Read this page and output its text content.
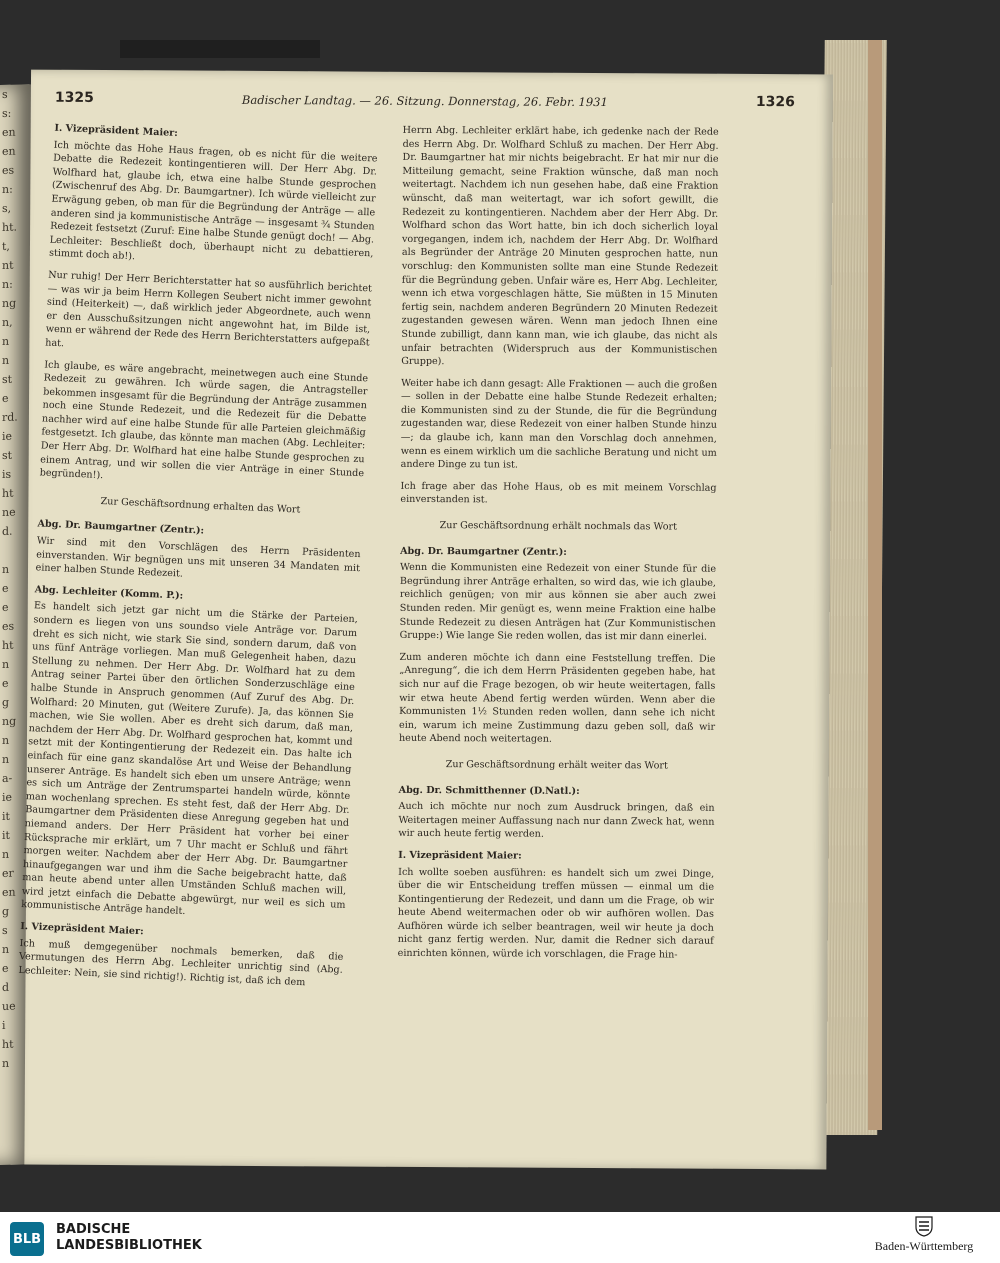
s
s:
en
en
es
n:
s,
ht.
t,
nt
n:
ng
n,
n
n
st
e
rd.
ie
st
is
ht
ne
d.
n
e
e
es
ht
n
e
g
ng
n
n
a-
ie
it
it
n
er
en
g
s
n
e
d
ue
i
ht
n
1325	Badischer Landtag. — 26. Sitzung. Donnerstag, 26. Febr. 1931	1326

I. Vizepräsident Maier:

Ich möchte das Hohe Haus fragen, ob es nicht für die weitere Debatte die Redezeit kontingentieren will. Der Herr Abg. Dr. Wolfhard hat, glaube ich, etwa eine halbe Stunde gesprochen (Zwischenruf des Abg. Dr. Baumgartner). Ich würde vielleicht zur Erwägung geben, ob man für die Begründung der Anträge — alle anderen sind ja kommunistische Anträge — insgesamt ¾ Stunden Redezeit festsetzt (Zuruf: Eine halbe Stunde genügt doch! — Abg. Lechleiter: Beschließt doch, überhaupt nicht zu debattieren, stimmt doch ab!).

Nur ruhig! Der Herr Berichterstatter hat so ausführlich berichtet — was wir ja beim Herrn Kollegen Seubert nicht immer gewohnt sind (Heiterkeit) —, daß wirklich jeder Abgeordnete, auch wenn er den Ausschußsitzungen nicht angewohnt hat, im Bilde ist, wenn er während der Rede des Herrn Berichterstatters aufgepaßt hat.

Ich glaube, es wäre angebracht, meinetwegen auch eine Stunde Redezeit zu gewähren. Ich würde sagen, die Antragsteller bekommen insgesamt für die Begründung der Anträge zusammen noch eine Stunde Redezeit, und die Redezeit für die Debatte nachher wird auf eine halbe Stunde für alle Parteien gleichmäßig festgesetzt. Ich glaube, das könnte man machen (Abg. Lechleiter: Der Herr Abg. Dr. Wolfhard hat eine halbe Stunde gesprochen zu einem Antrag, und wir sollen die vier Anträge in einer Stunde begründen!).

Zur Geschäftsordnung erhalten das Wort

Abg. Dr. Baumgartner (Zentr.):

Wir sind mit den Vorschlägen des Herrn Präsidenten einverstanden. Wir begnügen uns mit unseren 34 Mandaten mit einer halben Stunde Redezeit.

Abg. Lechleiter (Komm. P.):

Es handelt sich jetzt gar nicht um die Stärke der Parteien, sondern es liegen von uns soundso viele Anträge vor. Darum dreht es sich nicht, wie stark Sie sind, sondern darum, daß von uns fünf Anträge vorliegen. Man muß Gelegenheit haben, dazu Stellung zu nehmen. Der Herr Abg. Dr. Wolfhard hat zu dem Antrag seiner Partei über den örtlichen Sonderzuschläge eine halbe Stunde in Anspruch genommen (Auf Zuruf des Abg. Dr. Wolfhard: 20 Minuten, gut (Weitere Zurufe). Ja, das können Sie machen, wie Sie wollen. Aber es dreht sich darum, daß man, nachdem der Herr Abg. Dr. Wolfhard gesprochen hat, kommt und setzt mit der Kontingentierung der Redezeit ein. Das halte ich einfach für eine ganz skandalöse Art und Weise der Behandlung unserer Anträge. Es handelt sich eben um unsere Anträge; wenn es sich um Anträge der Zentrumspartei handeln würde, könnte man wochenlang sprechen. Es steht fest, daß der Herr Abg. Dr. Baumgartner dem Präsidenten diese Anregung gegeben hat und niemand anders. Der Herr Präsident hat vorher bei einer Rücksprache mir erklärt, um 7 Uhr macht er Schluß und fährt morgen weiter. Nachdem aber der Herr Abg. Dr. Baumgartner hinaufgegangen war und ihm die Sache beigebracht hatte, daß man heute abend unter allen Umständen Schluß machen will, wird jetzt einfach die Debatte abgewürgt, nur weil es sich um kommunistische Anträge handelt.

I. Vizepräsident Maier:

Ich muß demgegenüber nochmals bemerken, daß die Vermutungen des Herrn Abg. Lechleiter unrichtig sind (Abg. Lechleiter: Nein, sie sind richtig!). Richtig ist, daß ich dem

Herrn Abg. Lechleiter erklärt habe, ich gedenke nach der Rede des Herrn Abg. Dr. Wolfhard Schluß zu machen. Der Herr Abg. Dr. Baumgartner hat mir nichts beigebracht. Er hat mir nur die Mitteilung gemacht, seine Fraktion wünsche, daß man noch weitertagt. Nachdem ich nun gesehen habe, daß eine Fraktion wünscht, daß man weitertagt, war ich sofort gewillt, die Redezeit zu kontingentieren. Nachdem aber der Herr Abg. Dr. Wolfhard schon das Wort hatte, bin ich doch sicherlich loyal vorgegangen, indem ich, nachdem der Herr Abg. Dr. Wolfhard als Begründer der Anträge 20 Minuten gesprochen hatte, nun vorschlug: den Kommunisten sollte man eine Stunde Redezeit für die Begründung geben. Unfair wäre es, Herr Abg. Lechleiter, wenn ich etwa vorgeschlagen hätte, Sie müßten in 15 Minuten fertig sein, nachdem anderen Begründern 20 Minuten Redezeit zugestanden gewesen wären. Wenn man jedoch Ihnen eine Stunde zubilligt, dann kann man, wie ich glaube, das nicht als unfair betrachten (Widerspruch aus der Kommunistischen Gruppe).

Weiter habe ich dann gesagt: Alle Fraktionen — auch die großen — sollen in der Debatte eine halbe Stunde Redezeit erhalten; die Kommunisten sind zu der Stunde, die für die Begründung zugestanden war, diese Redezeit von einer halben Stunde hinzu —; da glaube ich, kann man den Vorschlag doch annehmen, wenn es einem wirklich um die sachliche Beratung und nicht um andere Dinge zu tun ist.

Ich frage aber das Hohe Haus, ob es mit meinem Vorschlag einverstanden ist.

Zur Geschäftsordnung erhält nochmals das Wort

Abg. Dr. Baumgartner (Zentr.):

Wenn die Kommunisten eine Redezeit von einer Stunde für die Begründung ihrer Anträge erhalten, so wird das, wie ich glaube, reichlich genügen; von mir aus können sie aber auch zwei Stunden reden. Mir genügt es, wenn meine Fraktion eine halbe Stunde Redezeit zu diesen Anträgen hat (Zur Kommunistischen Gruppe:) Wie lange Sie reden wollen, das ist mir dann einerlei.

Zum anderen möchte ich dann eine Feststellung treffen. Die „Anregung“, die ich dem Herrn Präsidenten gegeben habe, hat sich nur auf die Frage bezogen, ob wir heute weitertagen, falls wir etwa heute Abend fertig werden würden. Wenn aber die Kommunisten 1½ Stunden reden wollen, dann sehe ich nicht ein, warum ich meine Zustimmung dazu geben soll, daß wir heute Abend noch weitertagen.

Zur Geschäftsordnung erhält weiter das Wort

Abg. Dr. Schmitthenner (D.Natl.):

Auch ich möchte nur noch zum Ausdruck bringen, daß ein Weitertagen meiner Auffassung nach nur dann Zweck hat, wenn wir auch heute fertig werden.

I. Vizepräsident Maier:

Ich wollte soeben ausführen: es handelt sich um zwei Dinge, über die wir Entscheidung treffen müssen — einmal um die Kontingentierung der Redezeit, und dann um die Frage, ob wir heute Abend weitermachen oder ob wir aufhören wollen. Das Aufhören würde ich selber beantragen, weil wir heute ja doch nicht ganz fertig werden. Nur, damit die Redner sich darauf einrichten können, würde ich vorschlagen, die Frage hin-

BLB
BADISCHE
LANDESBIBLIOTHEK	Baden-Württemberg
